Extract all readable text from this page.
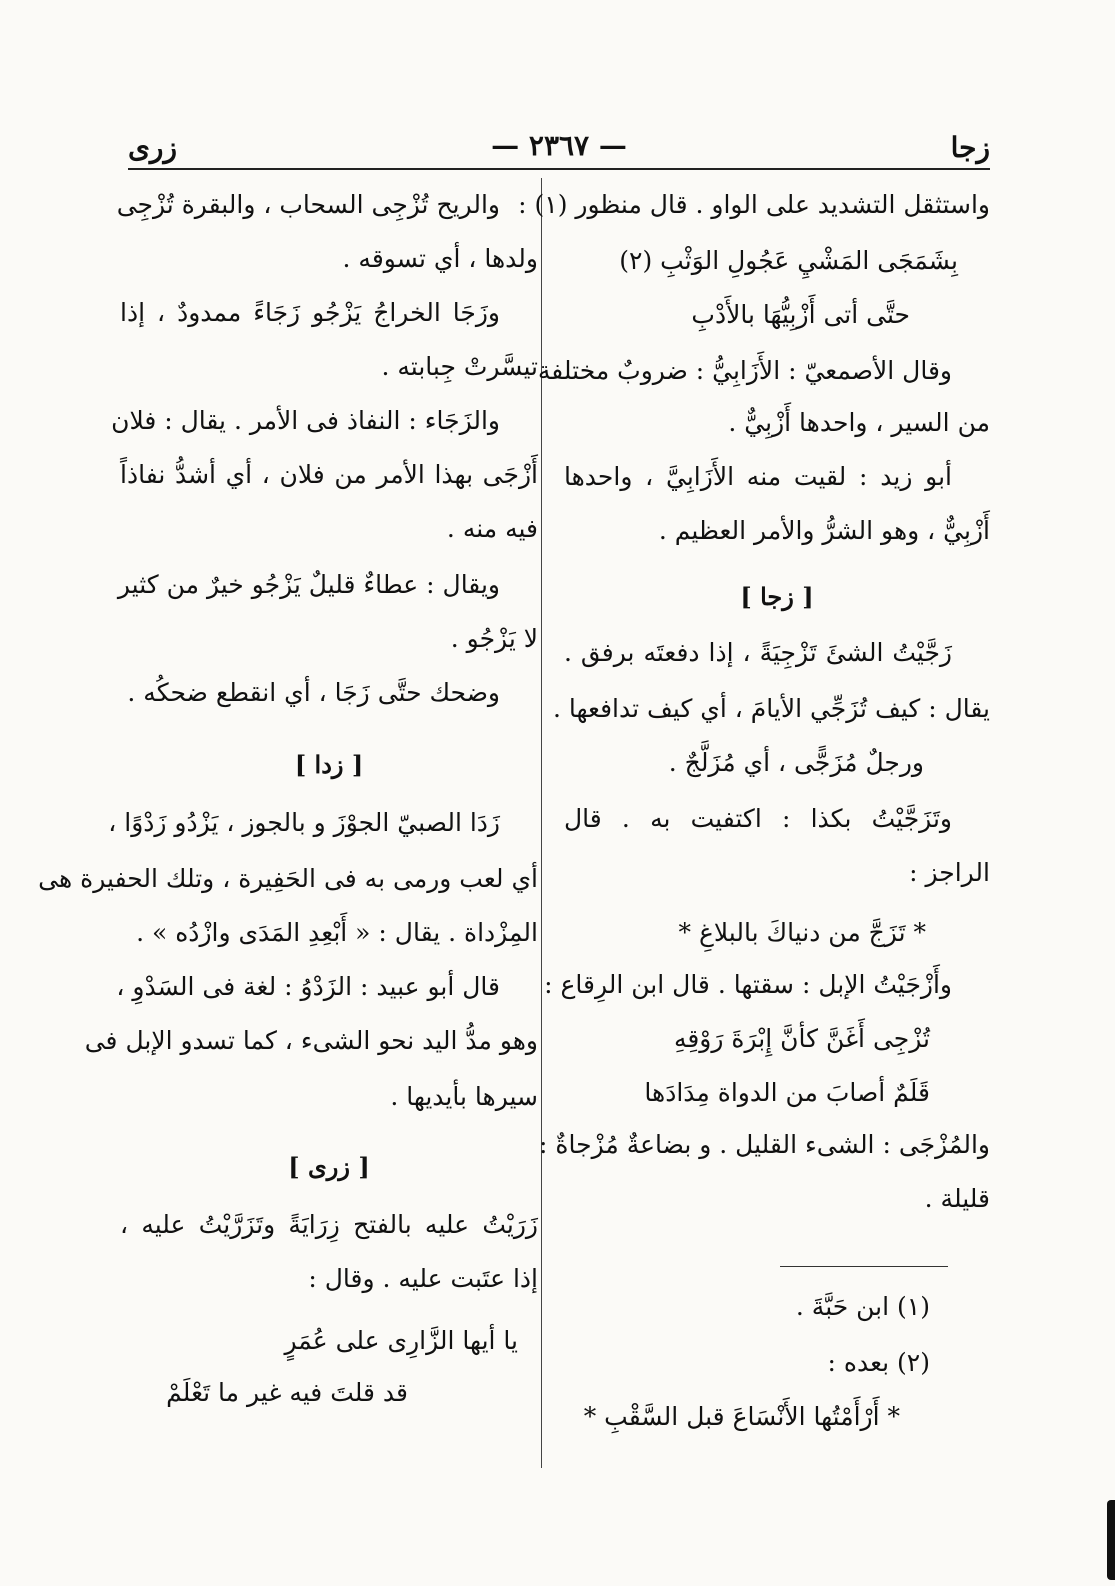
زجا
— ٢٣٦٧ —
زرى
واستثقل التشديد على الواو . قال منظور (١) :
بِشَمَجَى المَشْيِ عَجُولِ الوَثْبِ (٢)
حتَّى أتى أَزْبِيُّهَا بالأَدْبِ
وقال الأصمعيّ : الأَزَابِيُّ : ضروبٌ مختلفة
من السير ، واحدها أَزْبِيٌّ .
أبو زيد : لقيت منه الأَزَابِيَّ ، واحدها
أَزْبِيٌّ ، وهو الشرُّ والأمر العظيم .
[ زجا ]
زَجَّيْتُ الشئَ تَزْجِيَةً ، إذا دفعتَه برفق .
يقال : كيف تُزَجِّي الأيامَ ، أي كيف تدافعها .
ورجلٌ مُزَجًّى ، أي مُزَلَّجٌ .
وتَزَجَّيْتُ بكذا : اكتفيت به . قال
الراجز :
* تَزَجَّ من دنياكَ بالبلاغِ *
وأَزْجَيْتُ الإبل : سقتها . قال ابن الرِقاع :
تُزْجِى أَغَنَّ كأنَّ إِبْرَةَ رَوْقِهِ
قَلَمٌ أصابَ من الدواة مِدَادَها
والمُزْجَى : الشىء القليل . و بضاعةٌ مُزْجاةٌ :
قليلة .
(١) ابن حَبَّةَ .
(٢) بعده :
* أَرْأَمْتُها الأَنْسَاعَ قبل السَّقْبِ *
والريح تُزْجِى السحاب ، والبقرة تُزْجِى
ولدها ، أي تسوقه .
وزَجَا الخراجُ يَزْجُو زَجَاءً ممدودٌ ، إذا
تيسَّرتْ جِبابته .
والزَجَاء : النفاذ فى الأمر . يقال : فلان
أَزْجَى بهذا الأمر من فلان ، أي أشدُّ نفاذاً
فيه منه .
ويقال : عطاءٌ قليلٌ يَزْجُو خيرٌ من كثير
لا يَزْجُو .
وضحك حتَّى زَجَا ، أي انقطع ضحكُه .
[ زدا ]
زَدَا الصبيّ الجوْزَ و بالجوز ، يَزْدُو زَدْوًا ،
أي لعب ورمى به فى الحَفِيرة ، وتلك الحفيرة هى
المِزْداة . يقال : « أَبْعِدِ المَدَى وازْدُه » .
قال أبو عبيد : الزَدْوُ : لغة فى السَدْوِ ،
وهو مدُّ اليد نحو الشىء ، كما تسدو الإبل فى
سيرها بأيديها .
[ زرى ]
زَرَيْتُ عليه بالفتح زِرَايَةً وتَزَرَّيْتُ عليه ،
إذا عتَبت عليه . وقال :
يا أيها الزَّارِى على عُمَرٍ
قد قلتَ فيه غير ما تَعْلَمْ
